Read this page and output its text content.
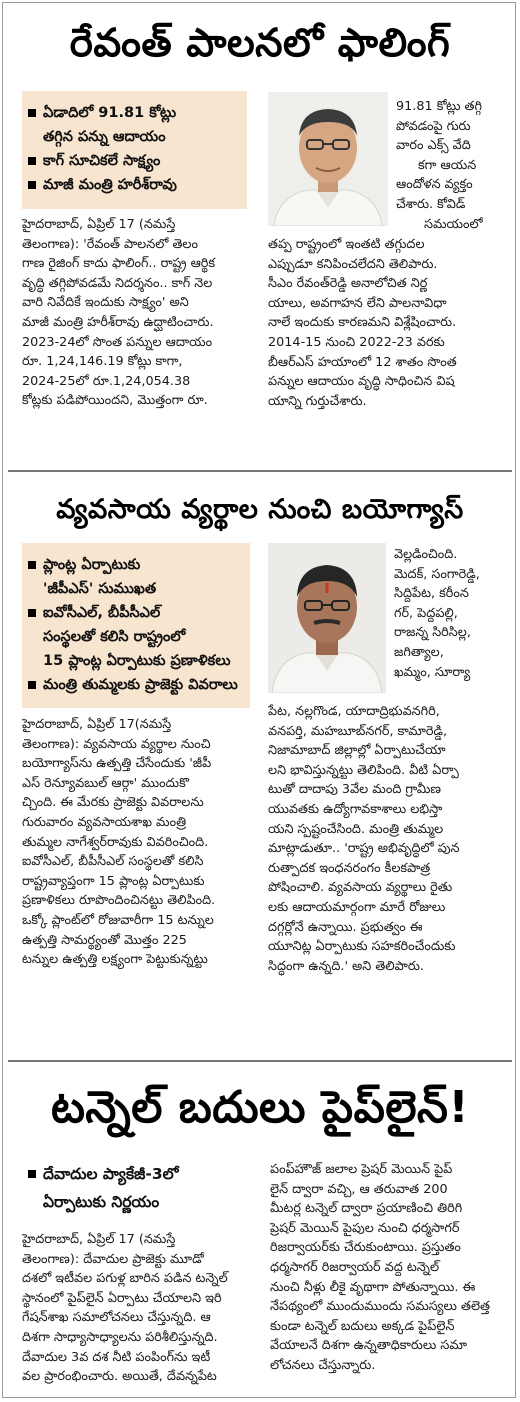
రేవంత్ పాలనలో ఫాలింగ్
ఏడాదిలో 91.81 కోట్లు
తగ్గిన పన్ను ఆదాయం
కాగ్ సూచికలే సాక్ష్యం
మాజీ మంత్రి హరీశ్‌రావు

హైదరాబాద్, ఏప్రిల్ 17 (నమస్తే

తెలంగాణ): 'రేవంత్ పాలనలో తెలం

గాణ రైజింగ్ కాదు ఫాలింగ్.. రాష్ట్ర ఆర్థిక

వృద్ధి తగ్గిపోవడమే నిదర్శనం.. కాగ్ నెల

వారి నివేదికే ఇందుకు సాక్ష్యం' అని

మాజీ మంత్రి హరీశ్‌రావు ఉద్ఘాటించారు.

2023-24లో సొంత పన్నుల ఆదాయం

రూ. 1,24,146.19 కోట్లు కాగా,

2024-25లో రూ.1,24,054.38

కోట్లకు పడిపోయిందని, మొత్తంగా రూ.

91.81 కోట్లు తగ్గి

పోవడంపై గురు

వారం ఎక్స్ వేది

కగా ఆయన

ఆందోళన వ్యక్తం

చేశారు. కోవిడ్

సమయంలో

తప్ప రాష్ట్రంలో ఇంతటి తగ్గుదల

ఎప్పుడూ కనిపించలేదని తెలిపారు.

సీఎం రేవంత్‌రెడ్డి అనాలోచిత నిర్ణ

యాలు, అవగాహన లేని పాలనావిధా

నాలే ఇందుకు కారణమని విశ్లేషించారు.

2014-15 నుంచి 2022-23 వరకు

బీఆర్‌ఎస్ హయాంలో 12 శాతం సొంత

పన్నుల ఆదాయం వృద్ధి సాధించిన విష

యాన్ని గుర్తుచేశారు.

వ్యవసాయ వ్యర్థాల నుంచి బయోగ్యాస్
ప్లాంట్ల ఏర్పాటుకు
'జీపీఎస్' సుముఖత
ఐవోసీఎల్, బీపీసీఎల్
సంస్థలతో కలిసి రాష్ట్రంలో
15 ప్లాంట్ల ఏర్పాటుకు ప్రణాళికలు
మంత్రి తుమ్మలకు ప్రాజెక్టు వివరాలు

హైదరాబాద్, ఏప్రిల్ 17(నమస్తే

తెలంగాణ): వ్యవసాయ వ్యర్థాల నుంచి

బయోగ్యాస్‌ను ఉత్పత్తి చేసేందుకు 'జీపీ

ఎస్ రెన్యూవబుల్ ఆర్గా' ముందుకొ

చ్చింది. ఈ మేరకు ప్రాజెక్టు వివరాలను

గురువారం వ్యవసాయశాఖ మంత్రి

తుమ్మల నాగేశ్వర్‌రావుకు వివరించింది.

ఐవోసీఎల్, బీపీసీఎల్ సంస్థలతో కలిసి

రాష్ట్రవ్యాప్తంగా 15 ప్లాంట్ల ఏర్పాటుకు

ప్రణాళికలు రూపొందించినట్టు తెలిపింది.

ఒక్కో ప్లాంట్‌లో రోజువారీగా 15 టన్నుల

ఉత్పత్తి సామర్థ్యంతో మొత్తం 225

టన్నుల ఉత్పత్తి లక్ష్యంగా పెట్టుకున్నట్టు

వెల్లడించింది.

మెదక్, సంగారెడ్డి,

సిద్దిపేట, కరీంన

గర్, పెద్దపల్లి,

రాజన్న సిరిసిల్ల,

జగిత్యాల,

ఖమ్మం, సూర్యా

పేట, నల్లగొండ, యాదాద్రిభువనగిరి,

వనపర్తి, మహబూబ్‌నగర్, కామారెడ్డి,

నిజామాబాద్ జిల్లాల్లో ఏర్పాటుచేయా

లని భావిస్తున్నట్టు తెలిపింది. వీటి ఏర్పా

టుతో దాదాపు 3వేల మంది గ్రామీణ

యువతకు ఉద్యోగావకాశాలు లభిస్తా

యని స్పష్టంచేసింది. మంత్రి తుమ్మల

మాట్లాడుతూ.. 'రాష్ట్ర అభివృద్ధిలో పున

రుత్పాదక ఇంధనరంగం కీలకపాత్ర

పోషించాలి. వ్యవసాయ వ్యర్థాలు రైతు

లకు ఆదాయమార్గంగా మారే రోజులు

దగ్గర్లోనే ఉన్నాయి. ప్రభుత్వం ఈ

యూనిట్ల ఏర్పాటుకు సహకరించేందుకు

సిద్ధంగా ఉన్నది.' అని తెలిపారు.

టన్నెల్ బదులు పైప్‌లైన్!
దేవాదుల ప్యాకేజీ-3లో
ఏర్పాటుకు నిర్ణయం

హైదరాబాద్, ఏప్రిల్ 17 (నమస్తే

తెలంగాణ): దేవాదుల ప్రాజెక్టు మూడో

దశలో ఇటీవల పగుళ్ల బారిన పడిన టన్నెల్

స్థానంలో పైప్‌లైన్ ఏర్పాటు చేయాలని ఇరి

గేషన్‌శాఖ సమాలోచనలు చేస్తున్నది. ఆ

దిశగా సాధ్యాసాధ్యాలను పరిశీలిస్తున్నది.

దేవాదుల 3వ దశ నీటి పంపింగ్‌ను ఇటీ

వల ప్రారంభించారు. అయితే, దేవన్నపేట

పంప్‌హౌజ్ జలాల ప్రెషర్ మెయిన్ పైప్

లైన్ ద్వారా వచ్చి, ఆ తరువాత 200

మీటర్ల టన్నెల్ ద్వారా ప్రయాణించి తిరిగి

ప్రెషర్ మెయిన్ పైపుల నుంచి ధర్మసాగర్

రిజర్వాయర్‌కు చేరుకుంటాయి. ప్రస్తుతం

ధర్మసాగర్ రిజర్వాయర్ వద్ద టన్నెల్

నుంచి నీళ్లు లీకై వృథాగా పోతున్నాయి. ఈ

నేపథ్యంలో ముందుముందు సమస్యలు తలెత్త

కుండా టన్నెల్ బదులు అక్కడ పైప్‌లైన్

వేయాలనే దిశగా ఉన్నతాధికారులు సమా

లోచనలు చేస్తున్నారు.
